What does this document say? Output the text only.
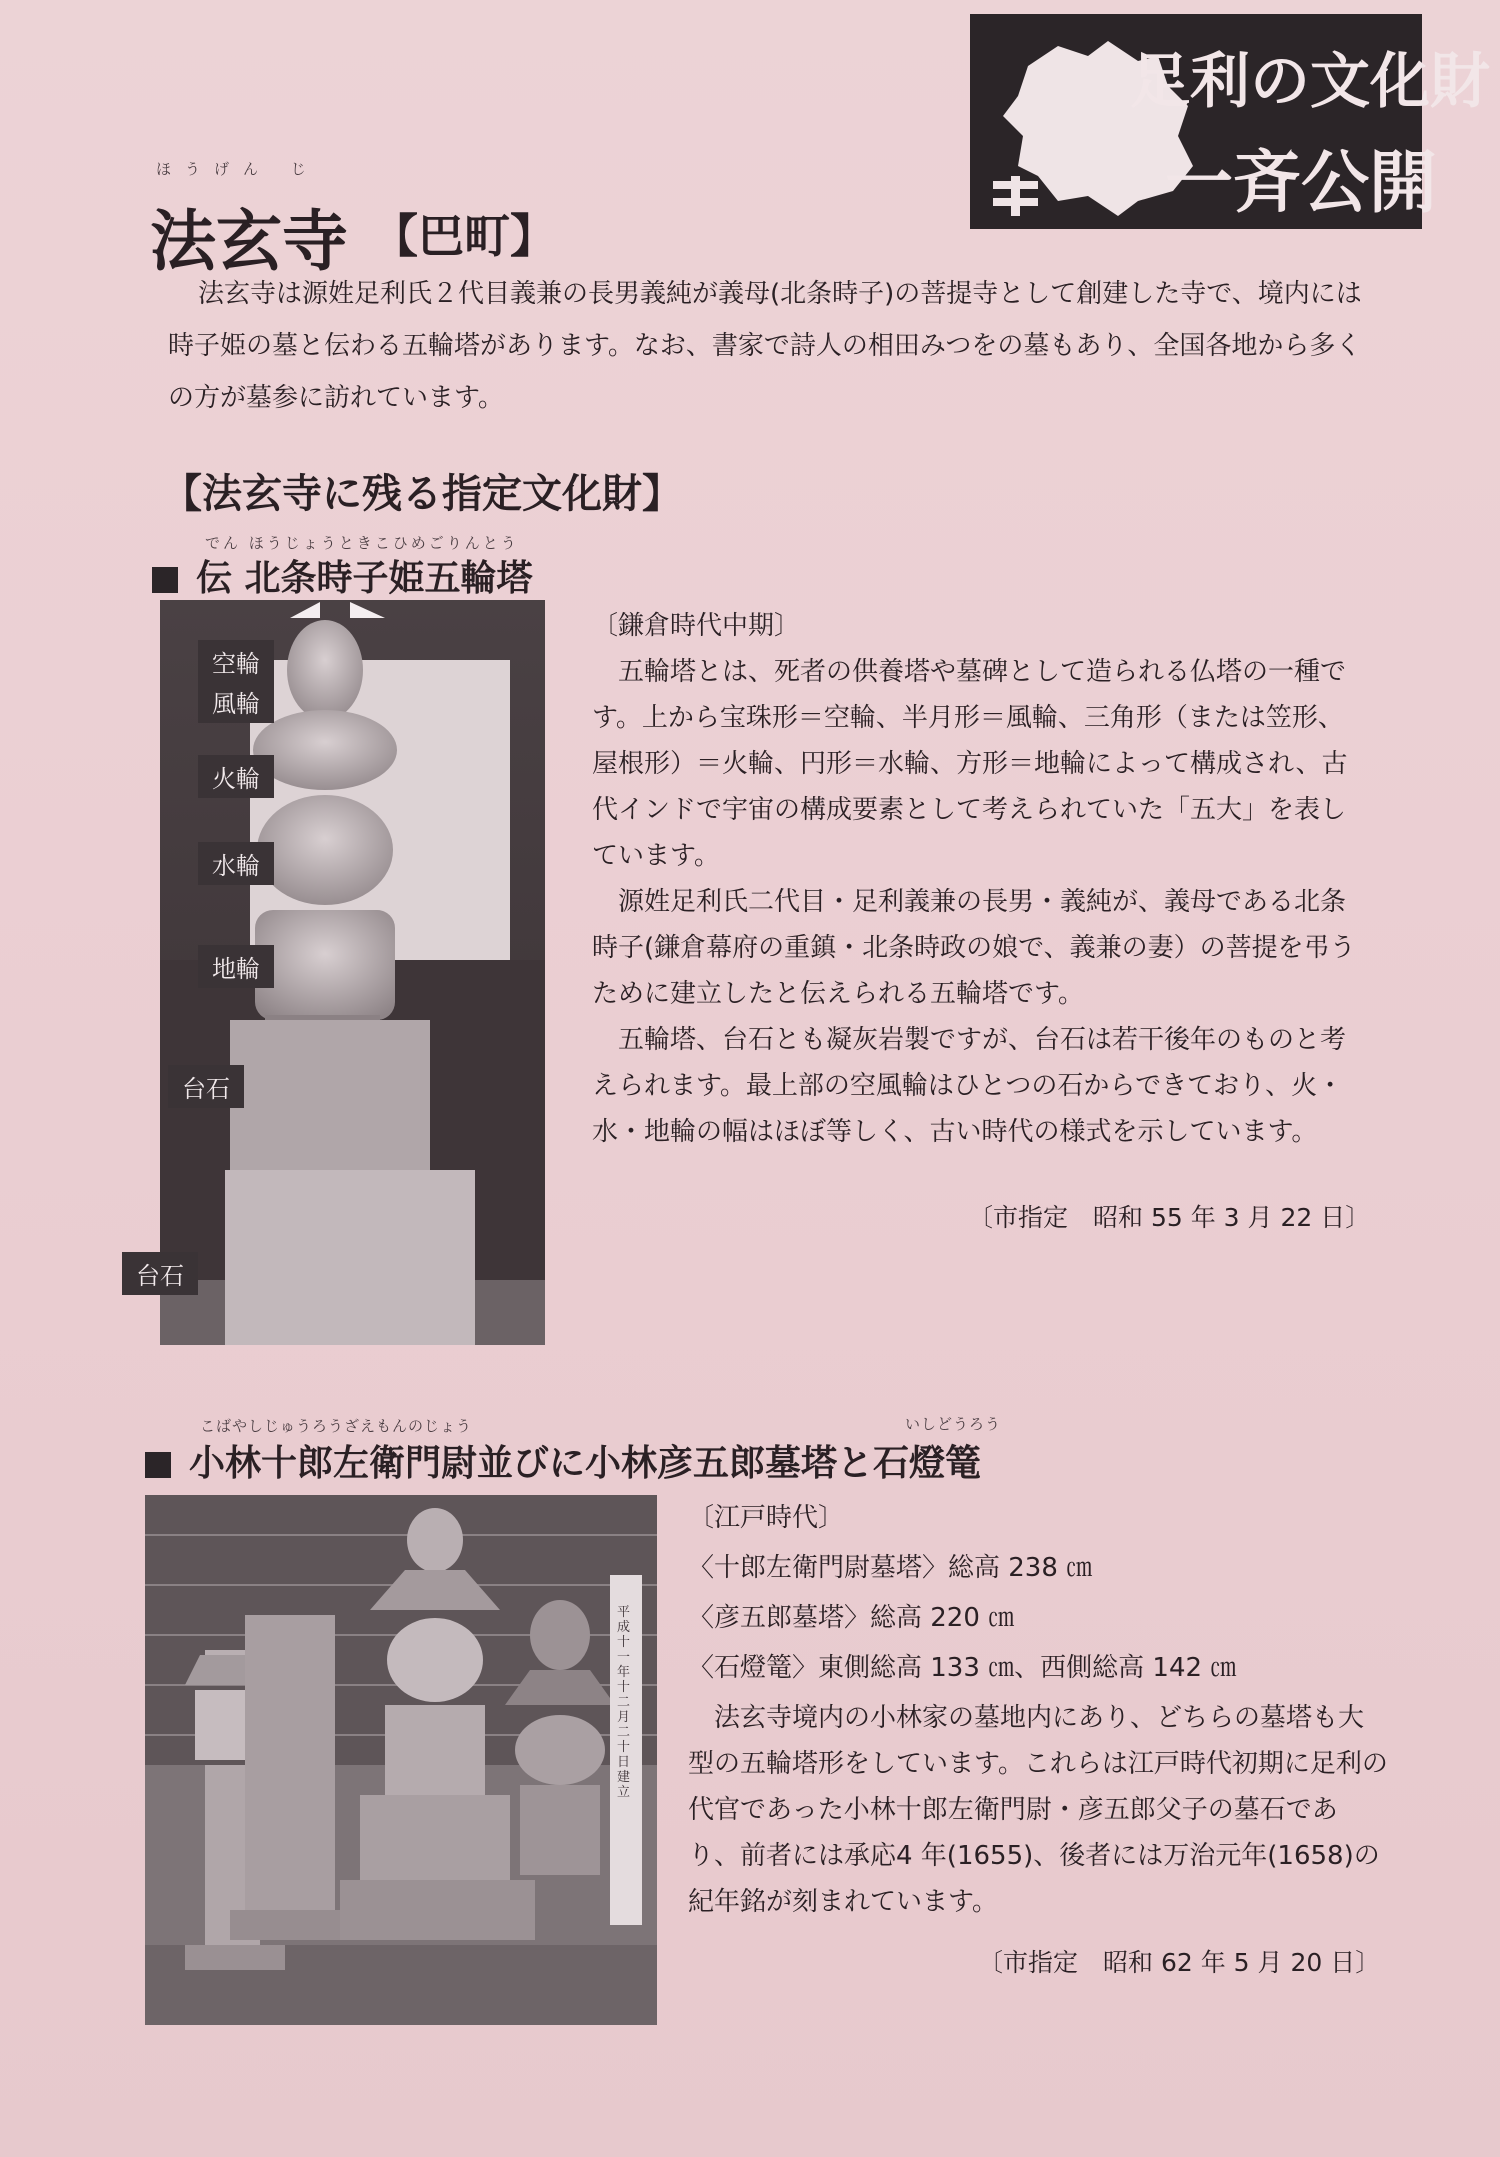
足利の文化財
一斉公開
ほうげん じ
法玄寺 【巴町】
法玄寺は源姓足利氏２代目義兼の長男義純が義母(北条時子)の菩提寺として創建した寺で、境内には時子姫の墓と伝わる五輪塔があります。なお、書家で詩人の相田みつをの墓もあり、全国各地から多くの方が墓参に訪れています。
【法玄寺に残る指定文化財】
でん ほうじょうときこひめごりんとう
伝 北条時子姫五輪塔
空輪
風輪
火輪
水輪
地輪
台石
台石

〔鎌倉時代中期〕

五輪塔とは、死者の供養塔や墓碑として造られる仏塔の一種です。上から宝珠形＝空輪、半月形＝風輪、三角形（または笠形、屋根形）＝火輪、円形＝水輪、方形＝地輪によって構成され、古代インドで宇宙の構成要素として考えられていた「五大」を表しています。

源姓足利氏二代目・足利義兼の長男・義純が、義母である北条時子(鎌倉幕府の重鎮・北条時政の娘で、義兼の妻）の菩提を弔うために建立したと伝えられる五輪塔です。

五輪塔、台石とも凝灰岩製ですが、台石は若干後年のものと考えられます。最上部の空風輪はひとつの石からできており、火・水・地輪の幅はほぼ等しく、古い時代の様式を示しています。

〔市指定　昭和 55 年 3 月 22 日〕
こばやしじゅうろうざえもんのじょう	いしどうろう
小林十郎左衛門尉並びに小林彦五郎墓塔と石燈篭
平成十一年十二月二十日 建立

〔江戸時代〕

〈十郎左衛門尉墓塔〉総高 238 ㎝

〈彦五郎墓塔〉総高 220 ㎝

〈石燈篭〉東側総高 133 ㎝、西側総高 142 ㎝

法玄寺境内の小林家の墓地内にあり、どちらの墓塔も大型の五輪塔形をしています。これらは江戸時代初期に足利の代官であった小林十郎左衛門尉・彦五郎父子の墓石であり、前者には承応4 年(1655)、後者には万治元年(1658)の紀年銘が刻まれています。

〔市指定　昭和 62 年 5 月 20 日〕
